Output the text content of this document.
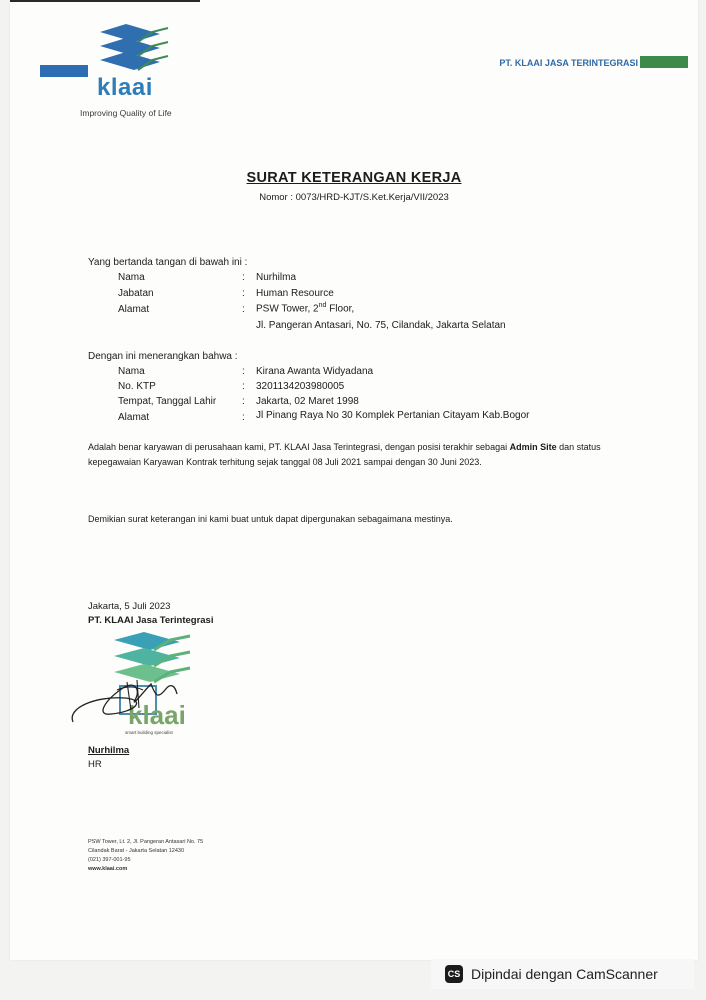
klaai
Improving Quality of Life
PT. KLAAI JASA TERINTEGRASI
SURAT KETERANGAN KERJA
Nomor : 0073/HRD-KJT/S.Ket.Kerja/VII/2023
Yang bertanda tangan di bawah ini :
Nama	: Nurhilma
Jabatan	: Human Resource
Alamat	: PSW Tower, 2nd Floor,
Jl. Pangeran Antasari, No. 75, Cilandak, Jakarta Selatan
Dengan ini menerangkan bahwa :
Nama	: Kirana Awanta Widyadana
No. KTP	: 3201134203980005
Tempat, Tanggal Lahir	: Jakarta, 02 Maret 1998
Alamat	: Jl Pinang Raya No 30 Komplek Pertanian Citayam Kab.Bogor
Adalah benar karyawan di perusahaan kami, PT. KLAAI Jasa Terintegrasi, dengan posisi terakhir sebagai Admin Site dan status kepegawaian Karyawan Kontrak terhitung sejak tanggal 08 Juli 2021 sampai dengan 30 Juni 2023.
Demikian surat keterangan ini kami buat untuk dapat dipergunakan sebagaimana mestinya.
Jakarta, 5 Juli 2023
PT. KLAAI Jasa Terintegrasi
klaai
smart building specialist
Nurhilma
HR
PSW Tower, Lt. 2, Jl. Pangeran Antasari No. 75
Cilandak Barat - Jakarta Selatan 12430
(021) 397-001-95
www.klaai.com
CS Dipindai dengan CamScanner
